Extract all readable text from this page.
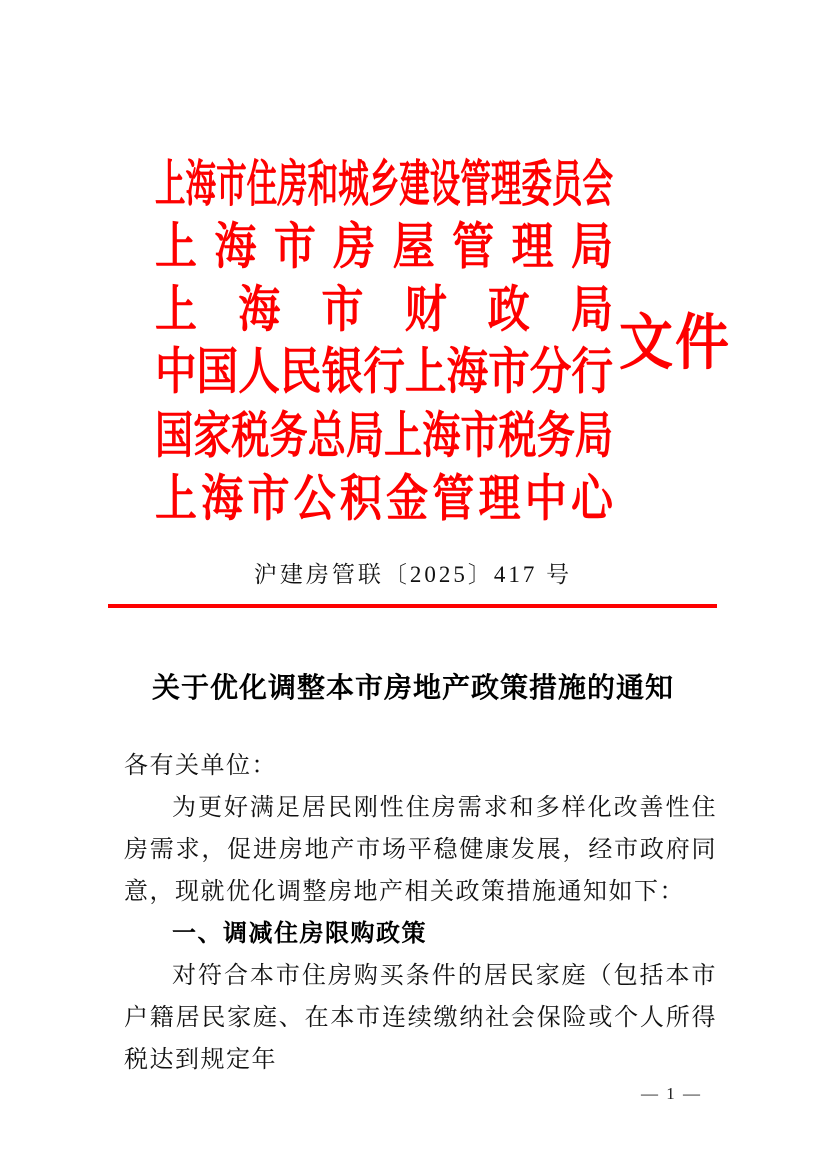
上 海 市 住 房 和 城 乡 建 设 管 理 委 员 会
上 海 市 房 屋 管 理 局
上 海 市 财 政 局
中 国 人 民 银 行 上 海 市 分 行
国 家 税 务 总 局 上 海 市 税 务 局
上 海 市 公 积 金 管 理 中 心
文件
沪建房管联〔2025〕417 号
关于优化调整本市房地产政策措施的通知

各有关单位：

为更好满足居民刚性住房需求和多样化改善性住房需求，促进房地产市场平稳健康发展，经市政府同意，现就优化调整房地产相关政策措施通知如下：

一、调减住房限购政策

对符合本市住房购买条件的居民家庭（包括本市户籍居民家庭、在本市连续缴纳社会保险或个人所得税达到规定年

— 1 —
